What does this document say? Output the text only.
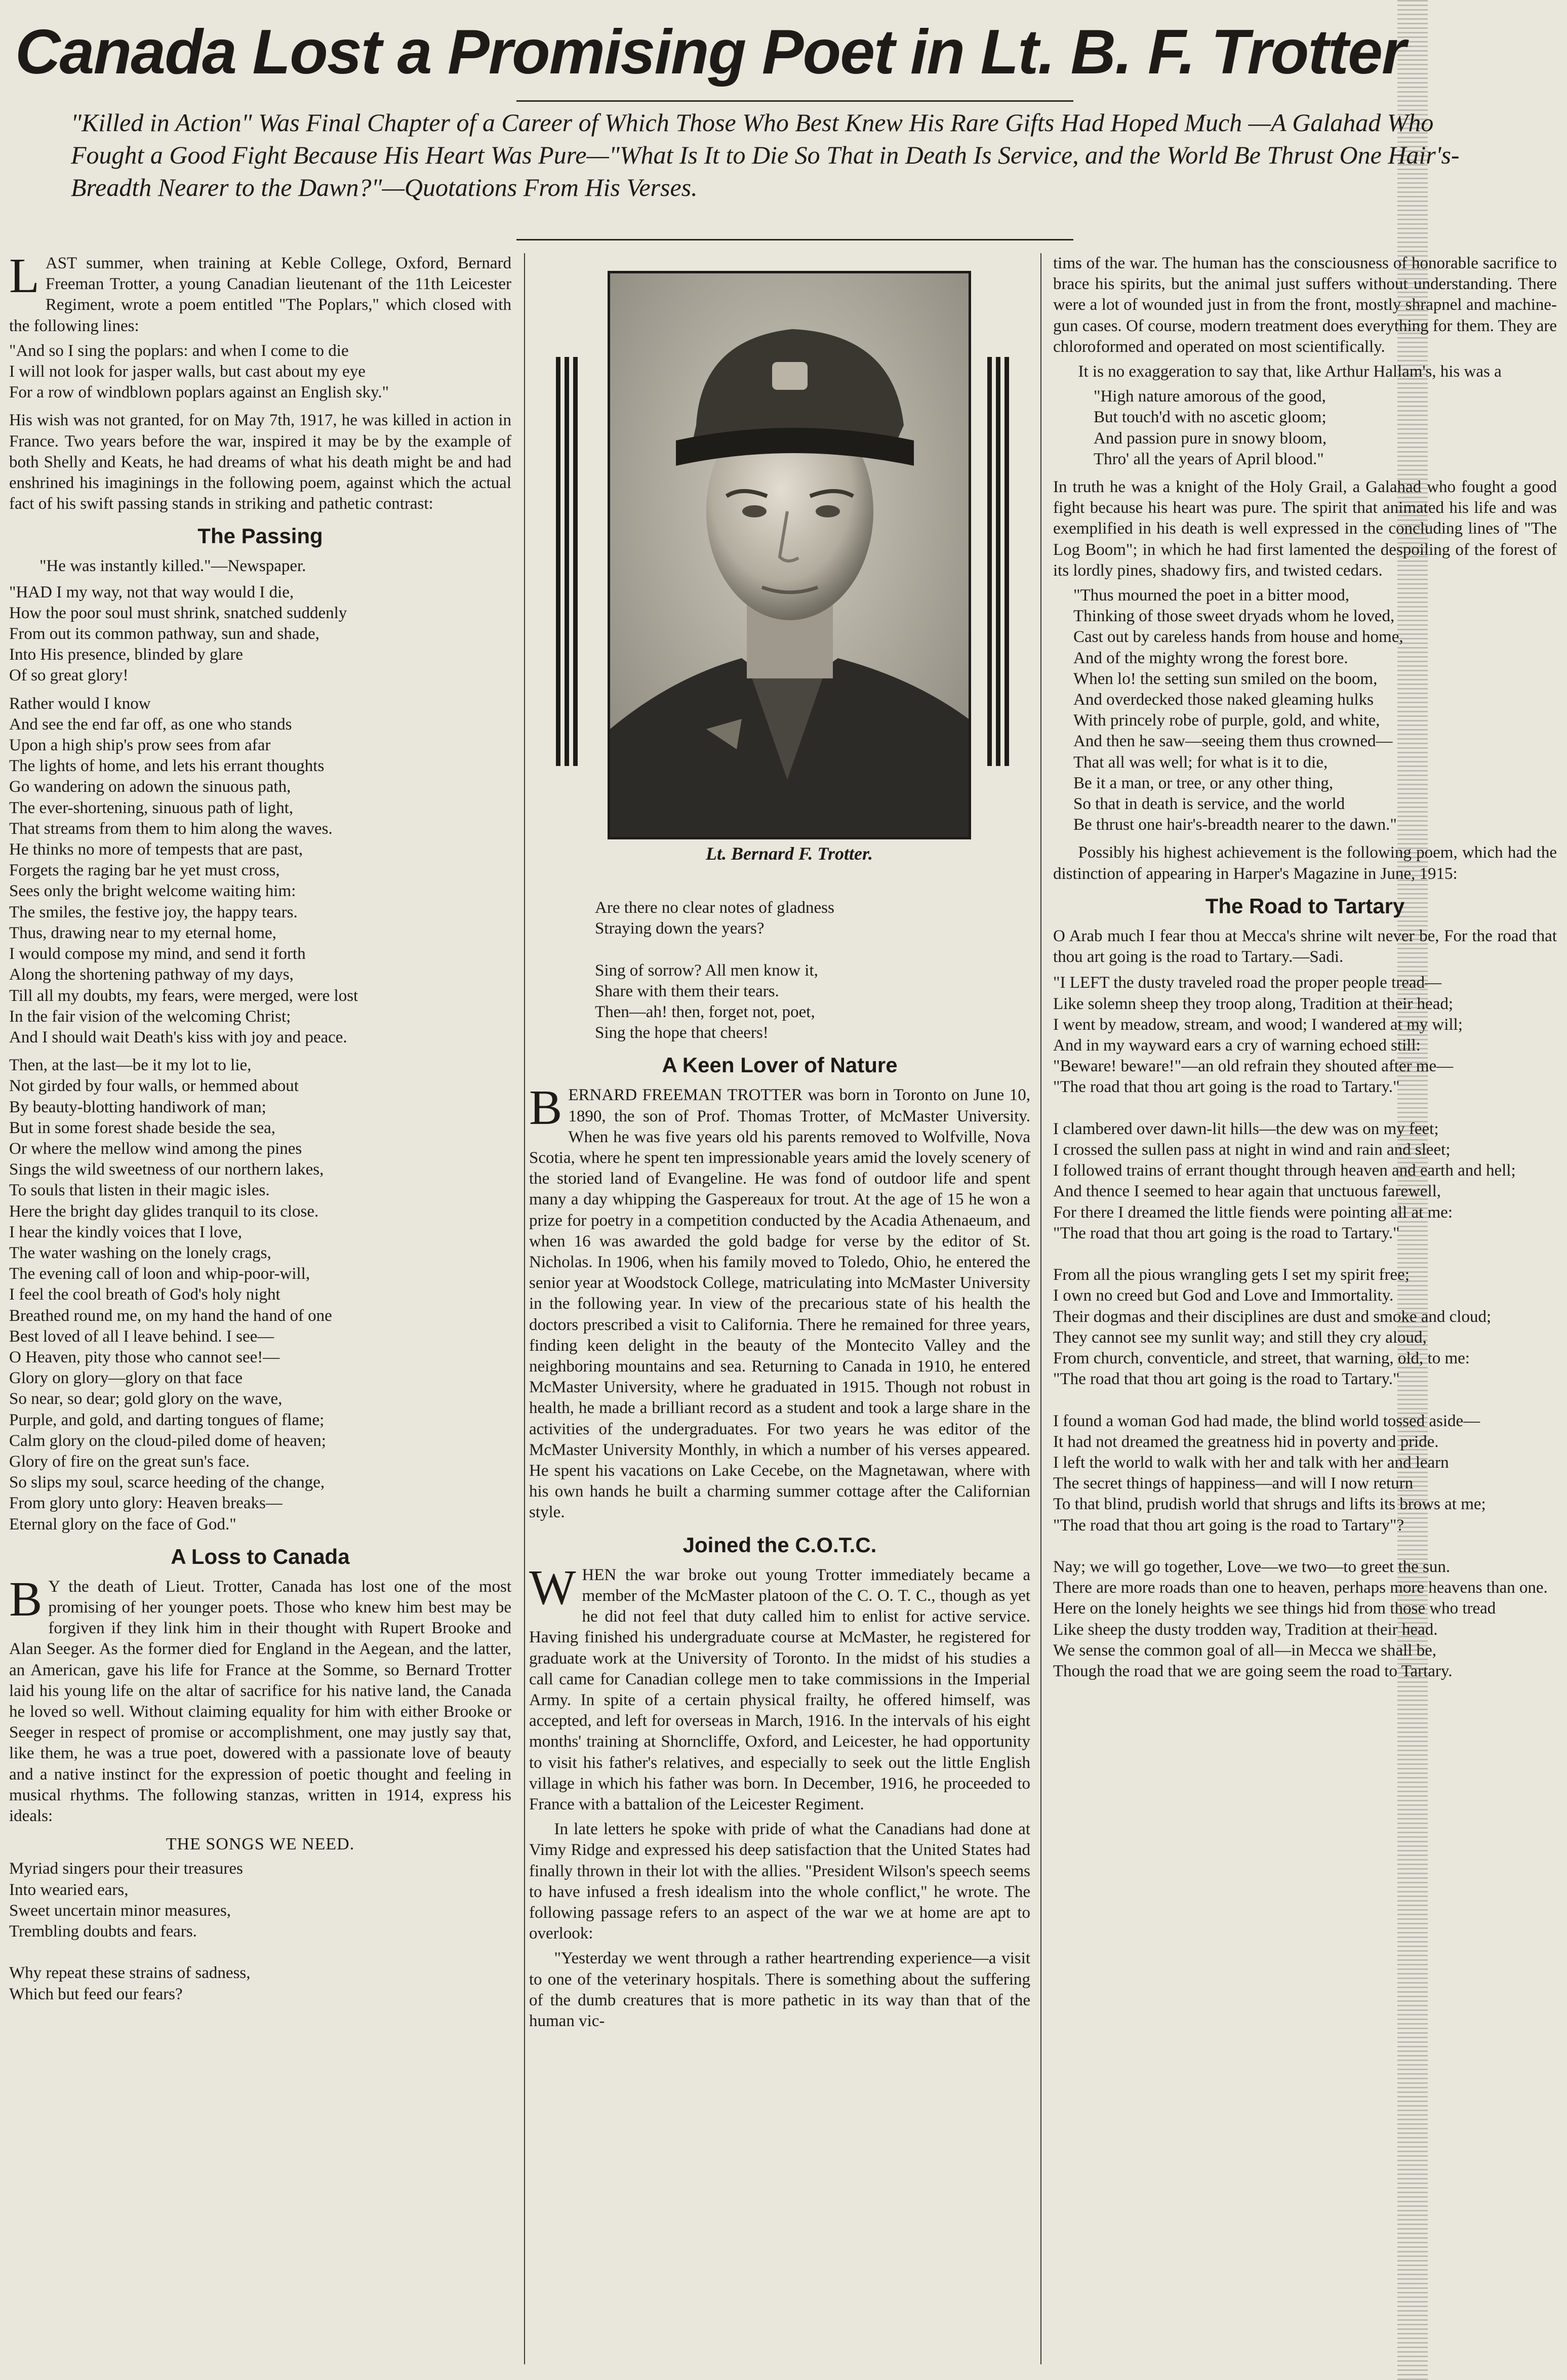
Canada Lost a Promising Poet in Lt. B. F. Trotter
"Killed in Action" Was Final Chapter of a Career of Which Those Who Best Knew His Rare Gifts Had Hoped Much —A Galahad Who Fought a Good Fight Because His Heart Was Pure—"What Is It to Die So That in Death Is Service, and the World Be Thrust One Hair's-Breadth Nearer to the Dawn?"—Quotations From His Verses.

LAST summer, when training at Keble College, Oxford, Bernard Freeman Trotter, a young Canadian lieutenant of the 11th Leicester Regiment, wrote a poem entitled "The Poplars," which closed with the following lines:

"And so I sing the poplars: and when I come to die
I will not look for jasper walls, but cast about my eye
For a row of windblown poplars against an English sky."

His wish was not granted, for on May 7th, 1917, he was killed in action in France. Two years before the war, inspired it may be by the example of both Shelly and Keats, he had dreams of what his death might be and had enshrined his imaginings in the following poem, against which the actual fact of his swift passing stands in striking and pathetic contrast:

The Passing
"He was instantly killed."—Newspaper.
"HAD I my way, not that way would I die,
How the poor soul must shrink, snatched suddenly
From out its common pathway, sun and shade,
Into His presence, blinded by glare
Of so great glory!
Rather would I know
And see the end far off, as one who stands
Upon a high ship's prow sees from afar
The lights of home, and lets his errant thoughts
Go wandering on adown the sinuous path,
The ever-shortening, sinuous path of light,
That streams from them to him along the waves.
He thinks no more of tempests that are past,
Forgets the raging bar he yet must cross,
Sees only the bright welcome waiting him:
The smiles, the festive joy, the happy tears.
Thus, drawing near to my eternal home,
I would compose my mind, and send it forth
Along the shortening pathway of my days,
Till all my doubts, my fears, were merged, were lost
In the fair vision of the welcoming Christ;
And I should wait Death's kiss with joy and peace.
Then, at the last—be it my lot to lie,
Not girded by four walls, or hemmed about
By beauty-blotting handiwork of man;
But in some forest shade beside the sea,
Or where the mellow wind among the pines
Sings the wild sweetness of our northern lakes,
To souls that listen in their magic isles.
Here the bright day glides tranquil to its close.
I hear the kindly voices that I love,
The water washing on the lonely crags,
The evening call of loon and whip-poor-will,
I feel the cool breath of God's holy night
Breathed round me, on my hand the hand of one
Best loved of all I leave behind. I see—
O Heaven, pity those who cannot see!—
Glory on glory—glory on that face
So near, so dear; gold glory on the wave,
Purple, and gold, and darting tongues of flame;
Calm glory on the cloud-piled dome of heaven;
Glory of fire on the great sun's face.
So slips my soul, scarce heeding of the change,
From glory unto glory: Heaven breaks—
Eternal glory on the face of God."
A Loss to Canada

B Y the death of Lieut. Trotter, Canada has lost one of the most promising of her younger poets. Those who knew him best may be forgiven if they link him in their thought with Rupert Brooke and Alan Seeger. As the former died for England in the Aegean, and the latter, an American, gave his life for France at the Somme, so Bernard Trotter laid his young life on the altar of sacrifice for his native land, the Canada he loved so well. Without claiming equality for him with either Brooke or Seeger in respect of promise or accomplishment, one may justly say that, like them, he was a true poet, dowered with a passionate love of beauty and a native instinct for the expression of poetic thought and feeling in musical rhythms. The following stanzas, written in 1914, express his ideals:

THE SONGS WE NEED.
Myriad singers pour their treasures
Into wearied ears,
Sweet uncertain minor measures,
Trembling doubts and fears.

Why repeat these strains of sadness,
Which but feed our fears?
Lt. Bernard F. Trotter.
Are there no clear notes of gladness
Straying down the years?

Sing of sorrow? All men know it,
Share with them their tears.
Then—ah! then, forget not, poet,
Sing the hope that cheers!
A Keen Lover of Nature

BERNARD FREEMAN TROTTER was born in Toronto on June 10, 1890, the son of Prof. Thomas Trotter, of McMaster University. When he was five years old his parents removed to Wolfville, Nova Scotia, where he spent ten impressionable years amid the lovely scenery of the storied land of Evangeline. He was fond of outdoor life and spent many a day whipping the Gaspereaux for trout. At the age of 15 he won a prize for poetry in a competition conducted by the Acadia Athenaeum, and when 16 was awarded the gold badge for verse by the editor of St. Nicholas. In 1906, when his family moved to Toledo, Ohio, he entered the senior year at Woodstock College, matriculating into McMaster University in the following year. In view of the precarious state of his health the doctors prescribed a visit to California. There he remained for three years, finding keen delight in the beauty of the Montecito Valley and the neighboring mountains and sea. Returning to Canada in 1910, he entered McMaster University, where he graduated in 1915. Though not robust in health, he made a brilliant record as a student and took a large share in the activities of the undergraduates. For two years he was editor of the McMaster University Monthly, in which a number of his verses appeared. He spent his vacations on Lake Cecebe, on the Magnetawan, where with his own hands he built a charming summer cottage after the Californian style.

Joined the C.O.T.C.

WHEN the war broke out young Trotter immediately became a member of the McMaster platoon of the C. O. T. C., though as yet he did not feel that duty called him to enlist for active service. Having finished his undergraduate course at McMaster, he registered for graduate work at the University of Toronto. In the midst of his studies a call came for Canadian college men to take commissions in the Imperial Army. In spite of a certain physical frailty, he offered himself, was accepted, and left for overseas in March, 1916. In the intervals of his eight months' training at Shorncliffe, Oxford, and Leicester, he had opportunity to visit his father's relatives, and especially to seek out the little English village in which his father was born. In December, 1916, he proceeded to France with a battalion of the Leicester Regiment.

In late letters he spoke with pride of what the Canadians had done at Vimy Ridge and expressed his deep satisfaction that the United States had finally thrown in their lot with the allies. "President Wilson's speech seems to have infused a fresh idealism into the whole conflict," he wrote. The following passage refers to an aspect of the war we at home are apt to overlook:

"Yesterday we went through a rather heartrending experience—a visit to one of the veterinary hospitals. There is something about the suffering of the dumb creatures that is more pathetic in its way than that of the human vic-

tims of the war. The human has the consciousness of honorable sacrifice to brace his spirits, but the animal just suffers without understanding. There were a lot of wounded just in from the front, mostly shrapnel and machine-gun cases. Of course, modern treatment does everything for them. They are chloroformed and operated on most scientifically.

It is no exaggeration to say that, like Arthur Hallam's, his was a

"High nature amorous of the good,
But touch'd with no ascetic gloom;
And passion pure in snowy bloom,
Thro' all the years of April blood."

In truth he was a knight of the Holy Grail, a Galahad who fought a good fight because his heart was pure. The spirit that animated his life and was exemplified in his death is well expressed in the concluding lines of "The Log Boom"; in which he had first lamented the despoiling of the forest of its lordly pines, shadowy firs, and twisted cedars.

"Thus mourned the poet in a bitter mood,
Thinking of those sweet dryads whom he loved,
Cast out by careless hands from house and home,
And of the mighty wrong the forest bore.
When lo! the setting sun smiled on the boom,
And overdecked those naked gleaming hulks
With princely robe of purple, gold, and white,
And then he saw—seeing them thus crowned—
That all was well; for what is it to die,
Be it a man, or tree, or any other thing,
So that in death is service, and the world
Be thrust one hair's-breadth nearer to the dawn."

Possibly his highest achievement is the following poem, which had the distinction of appearing in Harper's Magazine in June, 1915:

The Road to Tartary
O Arab much I fear thou at Mecca's shrine wilt never be, For the road that thou art going is the road to Tartary.—Sadi.
"I LEFT the dusty traveled road the proper people tread—
Like solemn sheep they troop along, Tradition at their head;
I went by meadow, stream, and wood; I wandered at my will;
And in my wayward ears a cry of warning echoed still:
"Beware! beware!"—an old refrain they shouted after me—
"The road that thou art going is the road to Tartary."

I clambered over dawn-lit hills—the dew was on my feet;
I crossed the sullen pass at night in wind and rain and sleet;
I followed trains of errant thought through heaven and earth and hell;
And thence I seemed to hear again that unctuous farewell,
For there I dreamed the little fiends were pointing all at me:
"The road that thou art going is the road to Tartary."

From all the pious wrangling gets I set my spirit free;
I own no creed but God and Love and Immortality.
Their dogmas and their disciplines are dust and smoke and cloud;
They cannot see my sunlit way; and still they cry aloud,
From church, conventicle, and street, that warning, old, to me:
"The road that thou art going is the road to Tartary."

I found a woman God had made, the blind world tossed aside—
It had not dreamed the greatness hid in poverty and pride.
I left the world to walk with her and talk with her and learn
The secret things of happiness—and will I now return
To that blind, prudish world that shrugs and lifts its brows at me;
"The road that thou art going is the road to Tartary"?

Nay; we will go together, Love—we two—to greet the sun.
There are more roads than one to heaven, perhaps more heavens than one.
Here on the lonely heights we see things hid from those who tread
Like sheep the dusty trodden way, Tradition at their head.
We sense the common goal of all—in Mecca we shall be,
Though the road that we are going seem the road to Tartary.
